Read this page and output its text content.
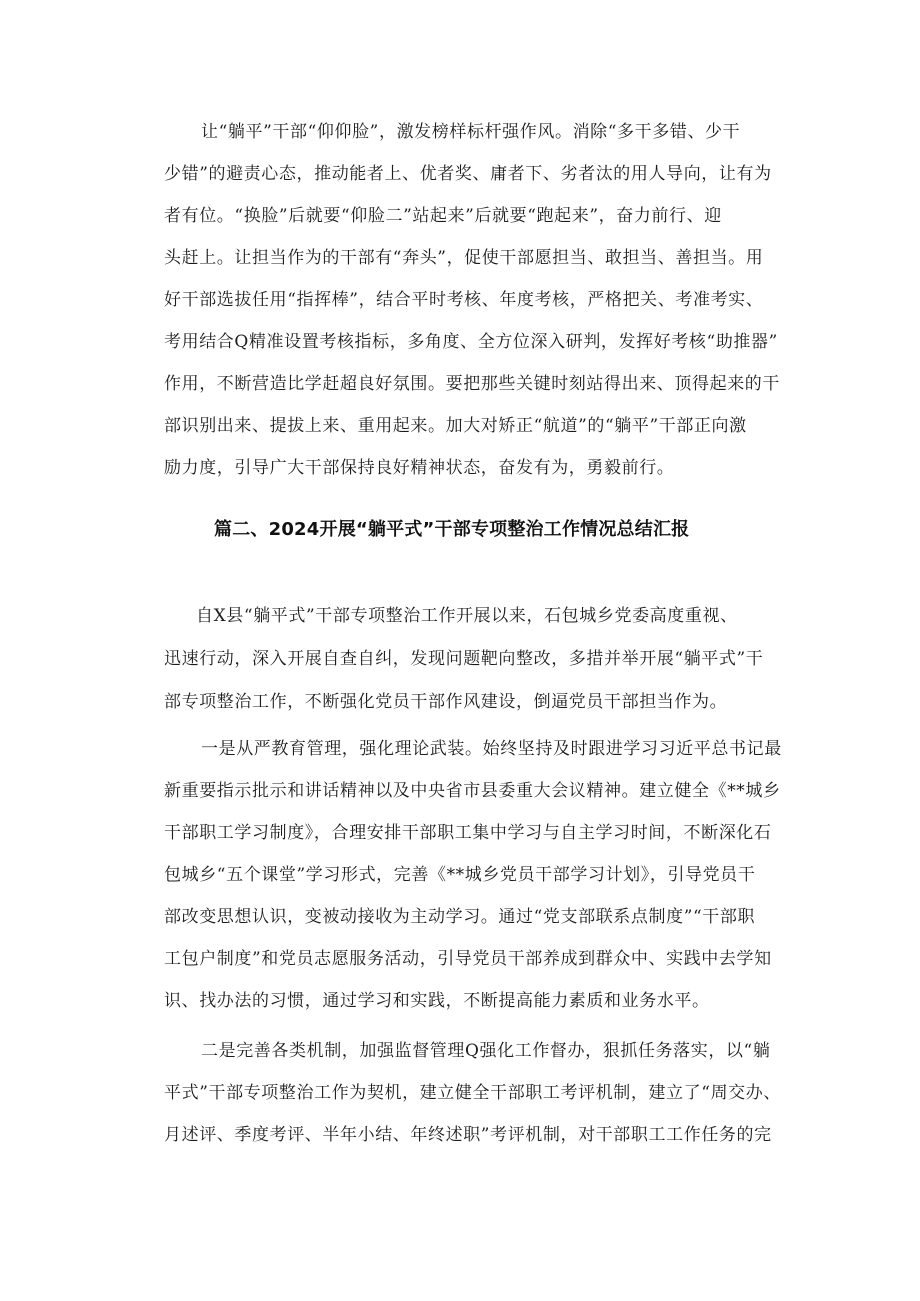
让“躺平”干部“仰仰脸”，激发榜样标杆强作风。消除“多干多错、少干

少错”的避责心态，推动能者上、优者奖、庸者下、劣者汰的用人导向，让有为

者有位。“换脸”后就要“仰脸二”站起来”后就要“跑起来”，奋力前行、迎

头赶上。让担当作为的干部有“奔头”，促使干部愿担当、敢担当、善担当。用

好干部选拔任用“指挥棒”，结合平时考核、年度考核，严格把关、考准考实、

考用结合Q精准设置考核指标，多角度、全方位深入研判，发挥好考核“助推器”

作用，不断营造比学赶超良好氛围。要把那些关键时刻站得出来、顶得起来的干

部识别出来、提拔上来、重用起来。加大对矫正“航道”的“躺平”干部正向激

励力度，引导广大干部保持良好精神状态，奋发有为，勇毅前行。

篇二、2024开展“躺平式”干部专项整治工作情况总结汇报

自X县“躺平式”干部专项整治工作开展以来，石包城乡党委高度重视、

迅速行动，深入开展自查自纠，发现问题靶向整改，多措并举开展“躺平式”干

部专项整治工作，不断强化党员干部作风建设，倒逼党员干部担当作为。

一是从严教育管理，强化理论武装。始终坚持及时跟进学习习近平总书记最

新重要指示批示和讲话精神以及中央省市县委重大会议精神。建立健全《**城乡

干部职工学习制度》，合理安排干部职工集中学习与自主学习时间，不断深化石

包城乡“五个课堂”学习形式，完善《**城乡党员干部学习计划》，引导党员干

部改变思想认识，变被动接收为主动学习。通过“党支部联系点制度”“干部职

工包户制度”和党员志愿服务活动，引导党员干部养成到群众中、实践中去学知

识、找办法的习惯，通过学习和实践，不断提高能力素质和业务水平。

二是完善各类机制，加强监督管理Q强化工作督办，狠抓任务落实，以“躺

平式”干部专项整治工作为契机，建立健全干部职工考评机制，建立了“周交办、

月述评、季度考评、半年小结、年终述职”考评机制，对干部职工工作任务的完
